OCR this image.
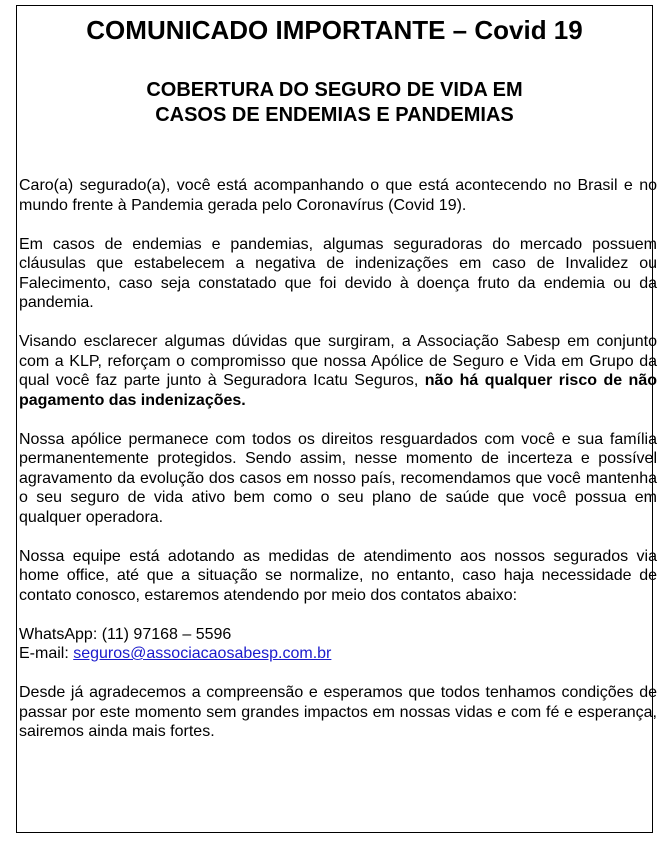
COMUNICADO IMPORTANTE – Covid 19
COBERTURA DO SEGURO DE VIDA EM
CASOS DE ENDEMIAS E PANDEMIAS

Caro(a) segurado(a), você está acompanhando o que está acontecendo no Brasil e no mundo frente à Pandemia gerada pelo Coronavírus (Covid 19).

Em casos de endemias e pandemias, algumas seguradoras do mercado possuem cláusulas que estabelecem a negativa de indenizações em caso de Invalidez ou Falecimento, caso seja constatado que foi devido à doença fruto da endemia ou da pandemia.

Visando esclarecer algumas dúvidas que surgiram, a Associação Sabesp em conjunto com a KLP, reforçam o compromisso que nossa Apólice de Seguro e Vida em Grupo da qual você faz parte junto à Seguradora Icatu Seguros, não há qualquer risco de não pagamento das indenizações.

Nossa apólice permanece com todos os direitos resguardados com você e sua família permanentemente protegidos. Sendo assim, nesse momento de incerteza e possível agravamento da evolução dos casos em nosso país, recomendamos que você mantenha o seu seguro de vida ativo bem como o seu plano de saúde que você possua em qualquer operadora.

Nossa equipe está adotando as medidas de atendimento aos nossos segurados via home office, até que a situação se normalize, no entanto, caso haja necessidade de contato conosco, estaremos atendendo por meio dos contatos abaixo:

WhatsApp: (11) 97168 – 5596
E-mail: seguros@associacaosabesp.com.br

Desde já agradecemos a compreensão e esperamos que todos tenhamos condições de passar por este momento sem grandes impactos em nossas vidas e com fé e esperança, sairemos ainda mais fortes.
